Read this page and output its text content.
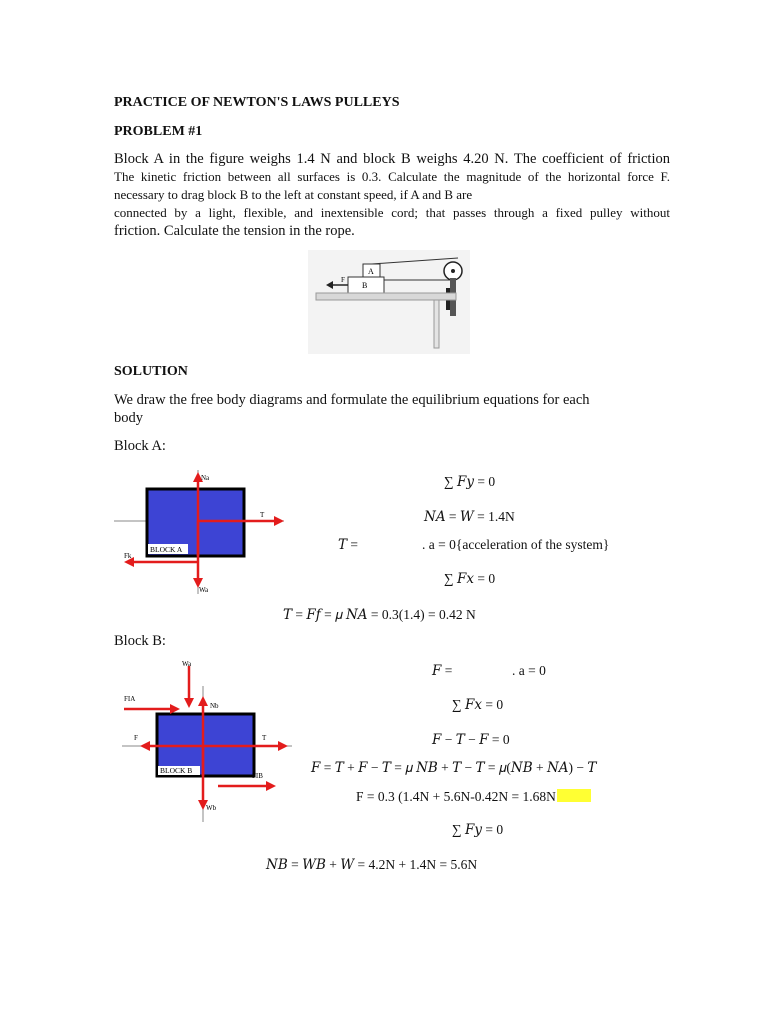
PRACTICE OF NEWTON'S LAWS PULLEYS
PROBLEM #1
Block A in the figure weighs 1.4 N and block B weighs 4.20 N. The coefficient of friction
The kinetic friction between all surfaces is 0.3. Calculate the magnitude of the horizontal force F.
necessary to drag block B to the left at constant speed, if A and B are
connected by a light, flexible, and inextensible cord; that passes through a fixed pulley without
friction. Calculate the tension in the rope.
A
B
F
SOLUTION
We draw the free body diagrams and formulate the equilibrium equations for each
body
Block A:
BLOCK A
Na
T
Fk
Wa
∑ 𝐹𝑦 = 0
𝑁𝐴 = 𝑊 = 1.4N
𝑇 =	. a = 0{acceleration of the system}
∑ 𝐹𝑥 = 0
𝑇 = 𝐹𝑓 = 𝜇 𝑁𝐴 = 0.3(1.4) = 0.42 N
Block B:
BLOCK B
Wa
FIA
Nb
F	T
FIB
Wb
𝐹 =	. a = 0
∑ 𝐹𝑥 = 0
𝐹 − 𝑇 − 𝐹 = 0
𝐹 = 𝑇 + 𝐹 − 𝑇 = 𝜇 𝑁𝐵 + 𝑇 − 𝑇 = 𝜇(𝑁𝐵 + 𝑁𝐴) − 𝑇
F = 0.3 (1.4N + 5.6N-0.42N = 1.68N
∑ 𝐹𝑦 = 0
𝑁𝐵 = 𝑊𝐵 + 𝑊 = 4.2N + 1.4N = 5.6N
